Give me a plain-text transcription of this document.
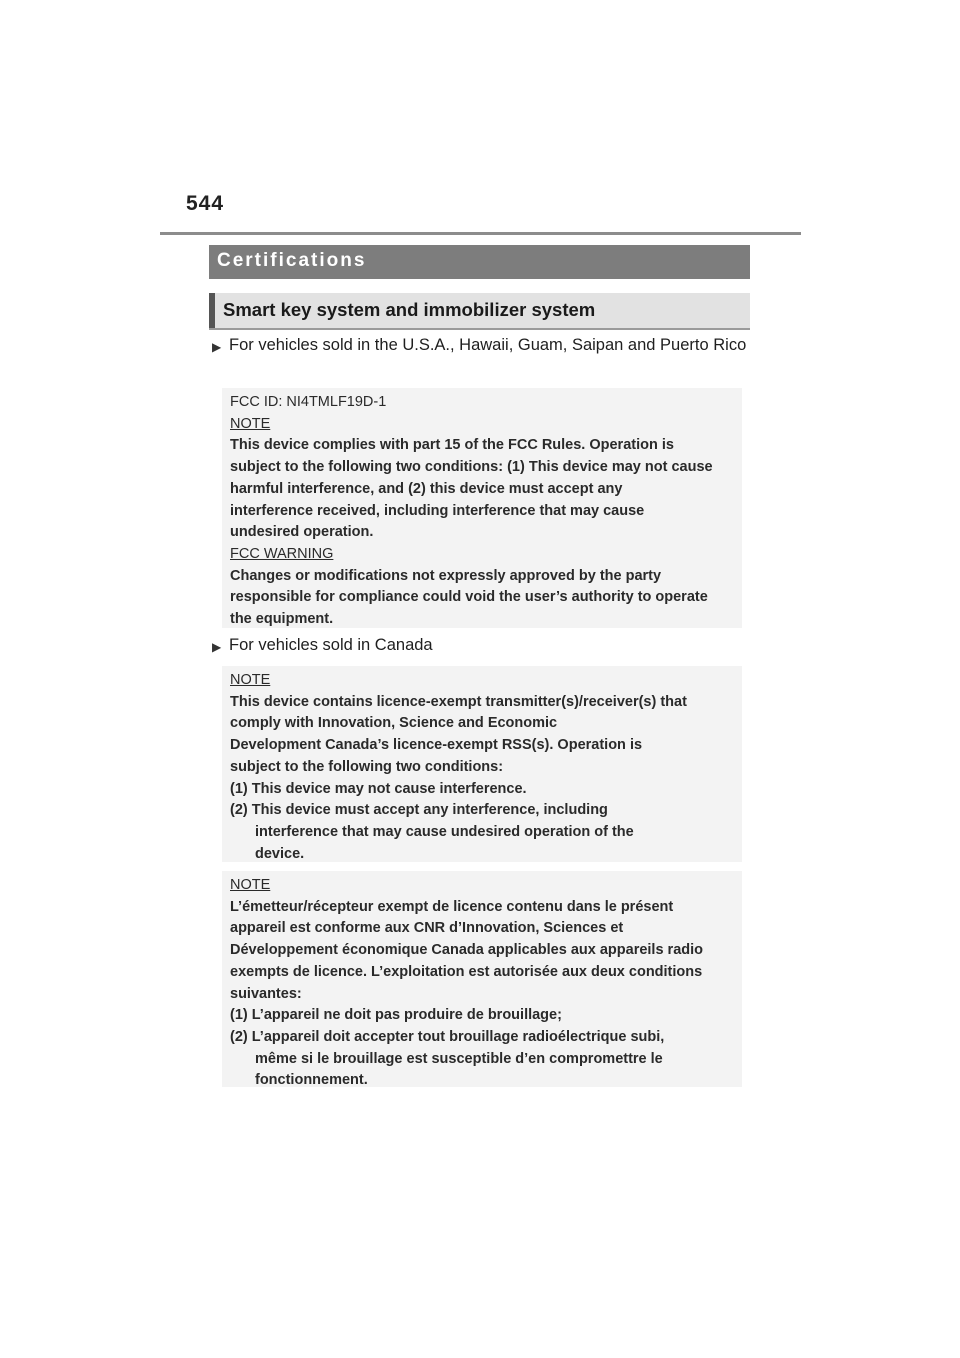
544
Certifications
Smart key system and immobilizer system
▶ For vehicles sold in the U.S.A., Hawaii, Guam, Saipan and Puerto Rico
FCC ID: NI4TMLF19D-1
NOTE
This device complies with part 15 of the FCC Rules. Operation is
subject to the following two conditions: (1) This device may not cause
harmful interference, and (2) this device must accept any
interference received, including interference that may cause
undesired operation.
FCC WARNING
Changes or modifications not expressly approved by the party
responsible for compliance could void the user’s authority to operate
the equipment.
▶ For vehicles sold in Canada
NOTE
This device contains licence-exempt transmitter(s)/receiver(s) that
comply with Innovation, Science and Economic
Development Canada’s licence-exempt RSS(s). Operation is
subject to the following two conditions:
(1) This device may not cause interference.
(2) This device must accept any interference, including
interference that may cause undesired operation of the
device.
NOTE
L’émetteur/récepteur exempt de licence contenu dans le présent
appareil est conforme aux CNR d’Innovation, Sciences et
Développement économique Canada applicables aux appareils radio
exempts de licence. L’exploitation est autorisée aux deux conditions
suivantes:
(1) L’appareil ne doit pas produire de brouillage;
(2) L’appareil doit accepter tout brouillage radioélectrique subi,
même si le brouillage est susceptible d’en compromettre le
fonctionnement.
